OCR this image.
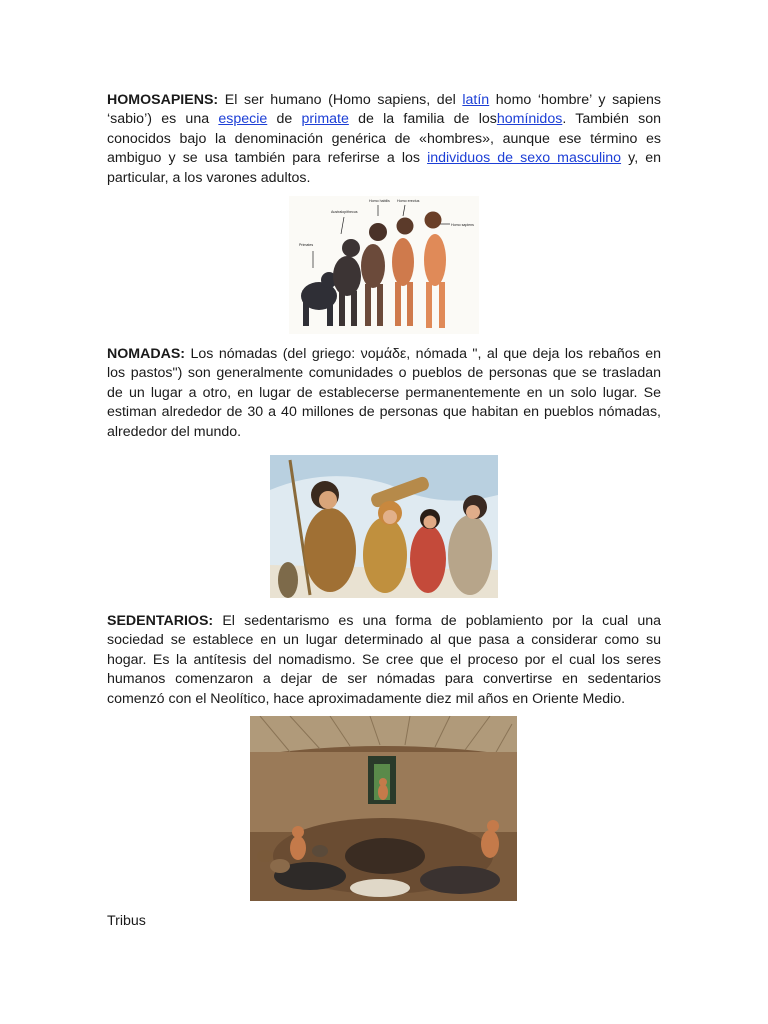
HOMOSAPIENS: El ser humano (Homo sapiens, del latín homo ‘hombre’ y sapiens ‘sabio’) es una especie de primate de la familia de loshomínidos. También son conocidos bajo la denominación genérica de «hombres», aunque ese término es ambiguo y se usa también para referirse a los individuos de sexo masculino y, en particular, a los varones adultos.

Primates
Australopithecus
Homo habilis Homo erectus
Homo sapiens

NOMADAS: Los nómadas (del griego: νομάδε, nómada ", al que deja los rebaños en los pastos") son generalmente comunidades o pueblos de personas que se trasladan de un lugar a otro, en lugar de establecerse permanentemente en un solo lugar. Se estiman alrededor de 30 a 40 millones de personas que habitan en pueblos nómadas, alrededor del mundo.

SEDENTARIOS: El sedentarismo es una forma de poblamiento por la cual una sociedad se establece en un lugar determinado al que pasa a considerar como su hogar. Es la antítesis del nomadismo. Se cree que el proceso por el cual los seres humanos comenzaron a dejar de ser nómadas para convertirse en sedentarios comenzó con el Neolítico, hace aproximadamente diez mil años en Oriente Medio.

Tribus
